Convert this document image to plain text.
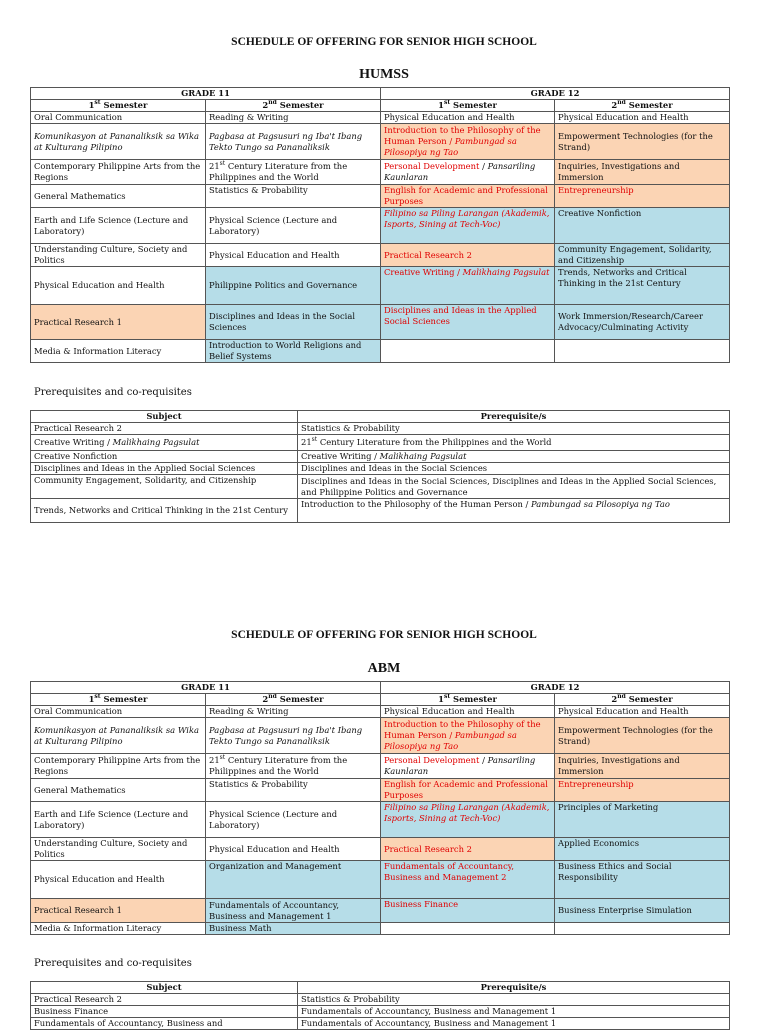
SCHEDULE OF OFFERING FOR SENIOR HIGH SCHOOL
HUMSS
GRADE 11		GRADE 12	
1st Semester	2nd Semester	1st Semester	2nd Semester
Oral Communication	Reading & Writing	Physical Education and Health	Physical Education and Health
Komunikasyon at Pananaliksik sa Wika at Kulturang Pilipino	Pagbasa at Pagsusuri ng Iba't Ibang Tekto Tungo sa Pananaliksik	Introduction to the Philosophy of the Human Person / Pambungad sa Pilosopiya ng Tao	Empowerment Technologies (for the Strand)
Contemporary Philippine Arts from the Regions	21st Century Literature from the Philippines and the World	Personal Development / Pansariling Kaunlaran	Inquiries, Investigations and Immersion
General Mathematics	Statistics & Probability	English for Academic and Professional Purposes	Entrepreneurship
Earth and Life Science (Lecture and Laboratory)	Physical Science (Lecture and Laboratory)	Filipino sa Piling Larangan (Akademik, Isports, Sining at Tech-Voc)	Creative Nonfiction
Understanding Culture, Society and Politics	Physical Education and Health	Practical Research 2	Community Engagement, Solidarity, and Citizenship
Physical Education and Health	Philippine Politics and Governance	Creative Writing / Malikhaing Pagsulat	Trends, Networks and Critical Thinking in the 21st Century
Practical Research 1	Disciplines and Ideas in the Social Sciences	Disciplines and Ideas in the Applied Social Sciences	Work Immersion/Research/Career Advocacy/Culminating Activity
Media & Information Literacy	Introduction to World Religions and Belief Systems		
Prerequisites and co-requisites
Subject	Prerequisite/s
Practical Research 2	Statistics & Probability
Creative Writing / Malikhaing Pagsulat	21st Century Literature from the Philippines and the World
Creative Nonfiction	Creative Writing / Malikhaing Pagsulat
Disciplines and Ideas in the Applied Social Sciences	Disciplines and Ideas in the Social Sciences
Community Engagement, Solidarity, and Citizenship	Disciplines and Ideas in the Social Sciences, Disciplines and Ideas in the Applied Social Sciences, and Philippine Politics and Governance
Trends, Networks and Critical Thinking in the 21st Century	Introduction to the Philosophy of the Human Person / Pambungad sa Pilosopiya ng Tao
SCHEDULE OF OFFERING FOR SENIOR HIGH SCHOOL
ABM
GRADE 11		GRADE 12	
1st Semester	2nd Semester	1st Semester	2nd Semester
Oral Communication	Reading & Writing	Physical Education and Health	Physical Education and Health
Komunikasyon at Pananaliksik sa Wika at Kulturang Pilipino	Pagbasa at Pagsusuri ng Iba't Ibang Tekto Tungo sa Pananaliksik	Introduction to the Philosophy of the Human Person / Pambungad sa Pilosopiya ng Tao	Empowerment Technologies (for the Strand)
Contemporary Philippine Arts from the Regions	21st Century Literature from the Philippines and the World	Personal Development / Pansariling Kaunlaran	Inquiries, Investigations and Immersion
General Mathematics	Statistics & Probability	English for Academic and Professional Purposes	Entrepreneurship
Earth and Life Science (Lecture and Laboratory)	Physical Science (Lecture and Laboratory)	Filipino sa Piling Larangan (Akademik, Isports, Sining at Tech-Voc)	Principles of Marketing
Understanding Culture, Society and Politics	Physical Education and Health	Practical Research 2	Applied Economics
Physical Education and Health	Organization and Management	Fundamentals of Accountancy, Business and Management 2	Business Ethics and Social Responsibility
Practical Research 1	Fundamentals of Accountancy, Business and Management 1	Business Finance	Business Enterprise Simulation
Media & Information Literacy	Business Math		
Prerequisites and co-requisites
Subject	Prerequisite/s
Practical Research 2	Statistics & Probability
Business Finance	Fundamentals of Accountancy, Business and Management 1
Fundamentals of Accountancy, Business and	Fundamentals of Accountancy, Business and Management 1
